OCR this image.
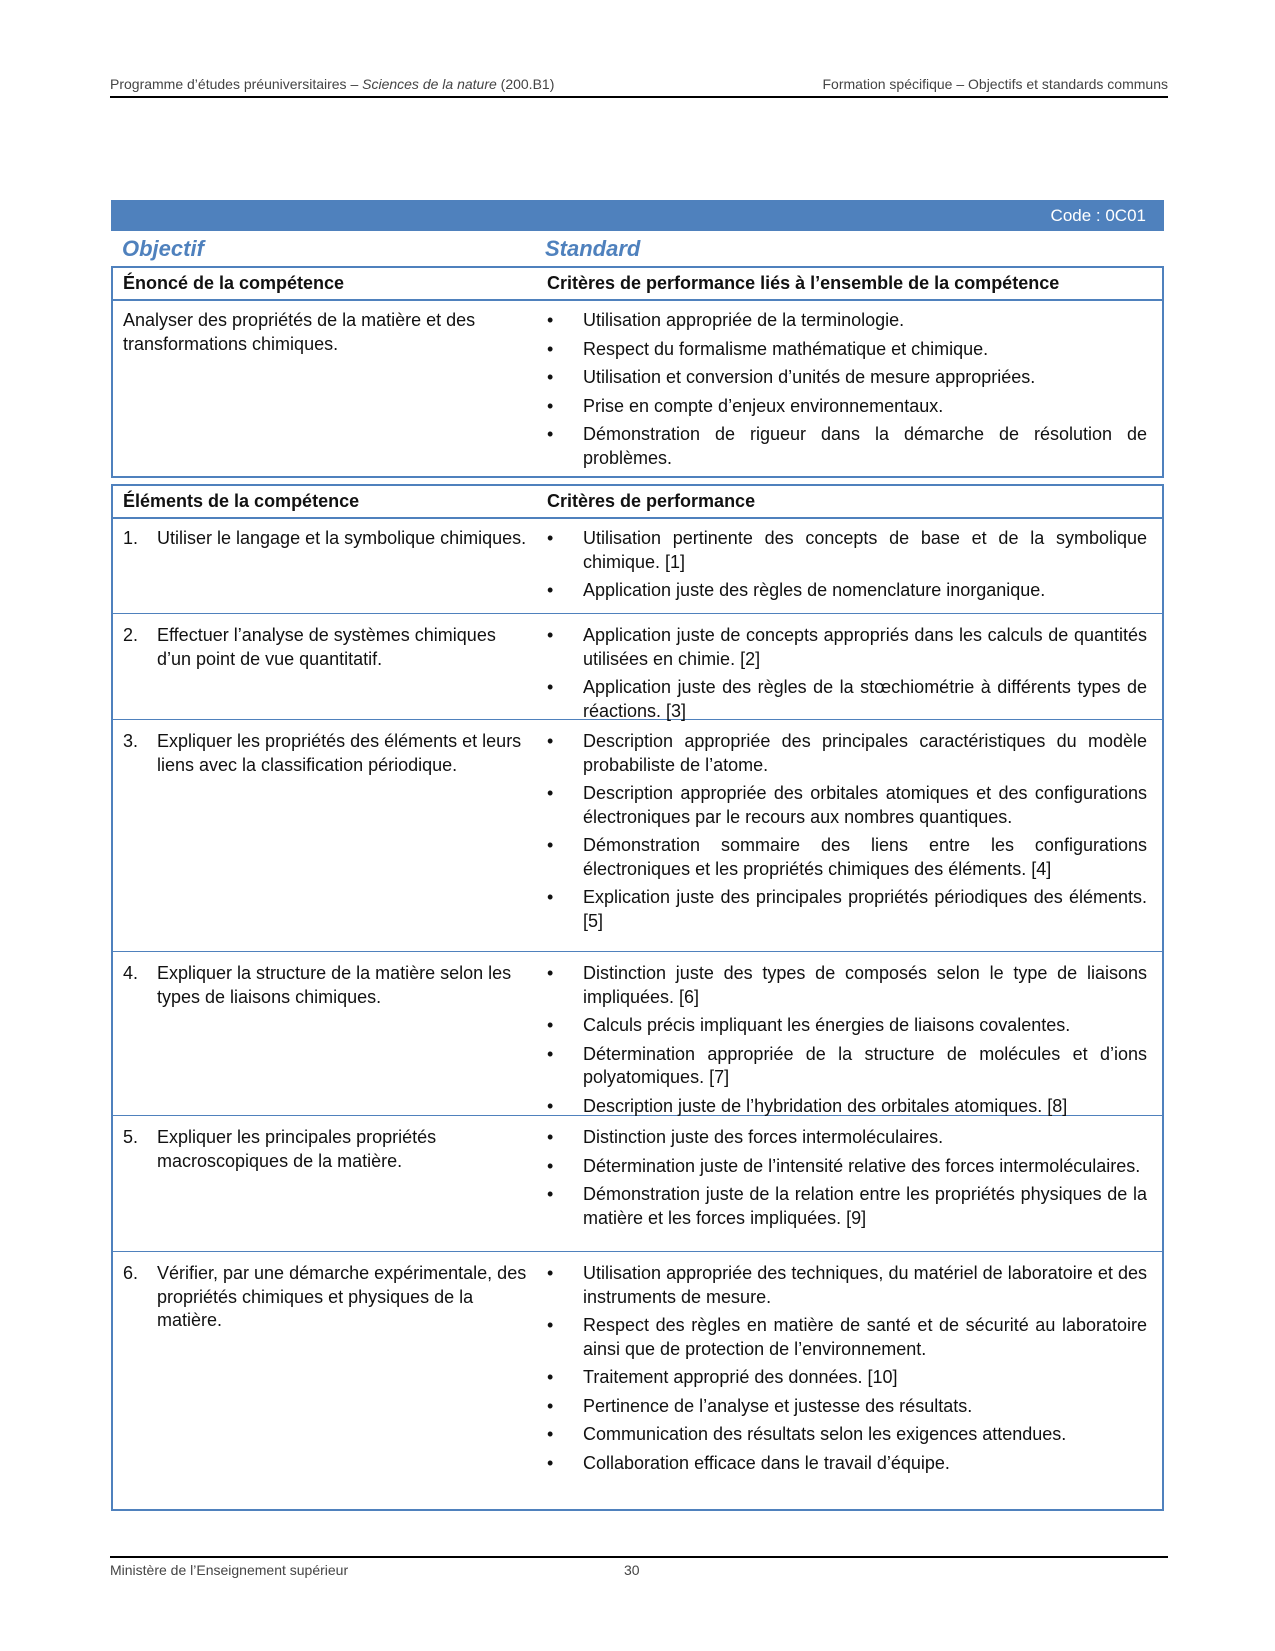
Programme d’études préuniversitaires – Sciences de la nature (200.B1)	Formation spécifique – Objectifs et standards communs
Code : 0C01
Objectif	Standard
Énoncé de la compétence	Critères de performance liés à l’ensemble de la compétence
Analyser des propriétés de la matière et des transformations chimiques.
•	Utilisation appropriée de la terminologie.
•	Respect du formalisme mathématique et chimique.
•	Utilisation et conversion d’unités de mesure appropriées.
•	Prise en compte d’enjeux environnementaux.
•	Démonstration de rigueur dans la démarche de résolution de problèmes.
Éléments de la compétence	Critères de performance
1. Utiliser le langage et la symbolique chimiques. •	Utilisation pertinente des concepts de base et de la symbolique chimique. [1]
•	Application juste des règles de nomenclature inorganique.
2. Effectuer l’analyse de systèmes chimiques d’un point de vue quantitatif.
•	Application juste de concepts appropriés dans les calculs de quantités utilisées en chimie. [2]
•	Application juste des règles de la stœchiométrie à différents types de réactions. [3]
3. Expliquer les propriétés des éléments et leurs liens avec la classification périodique.
•	Description appropriée des principales caractéristiques du modèle probabiliste de l’atome.
•	Description appropriée des orbitales atomiques et des configurations électroniques par le recours aux nombres quantiques.
•	Démonstration sommaire des liens entre les configurations électroniques et les propriétés chimiques des éléments. [4]
•	Explication juste des principales propriétés périodiques des éléments. [5]
4. Expliquer la structure de la matière selon les types de liaisons chimiques.
•	Distinction juste des types de composés selon le type de liaisons impliquées. [6]
•	Calculs précis impliquant les énergies de liaisons covalentes.
•	Détermination appropriée de la structure de molécules et d’ions polyatomiques. [7]
•	Description juste de l’hybridation des orbitales atomiques. [8]
5. Expliquer les principales propriétés macroscopiques de la matière.
•	Distinction juste des forces intermoléculaires.
•	Détermination juste de l’intensité relative des forces intermoléculaires.
•	Démonstration juste de la relation entre les propriétés physiques de la matière et les forces impliquées. [9]
6. Vérifier, par une démarche expérimentale, des propriétés chimiques et physiques de la matière.
•	Utilisation appropriée des techniques, du matériel de laboratoire et des instruments de mesure.
•	Respect des règles en matière de santé et de sécurité au laboratoire ainsi que de protection de l’environnement.
•	Traitement approprié des données. [10]
•	Pertinence de l’analyse et justesse des résultats.
•	Communication des résultats selon les exigences attendues.
•	Collaboration efficace dans le travail d’équipe.
Ministère de l’Enseignement supérieur	30
